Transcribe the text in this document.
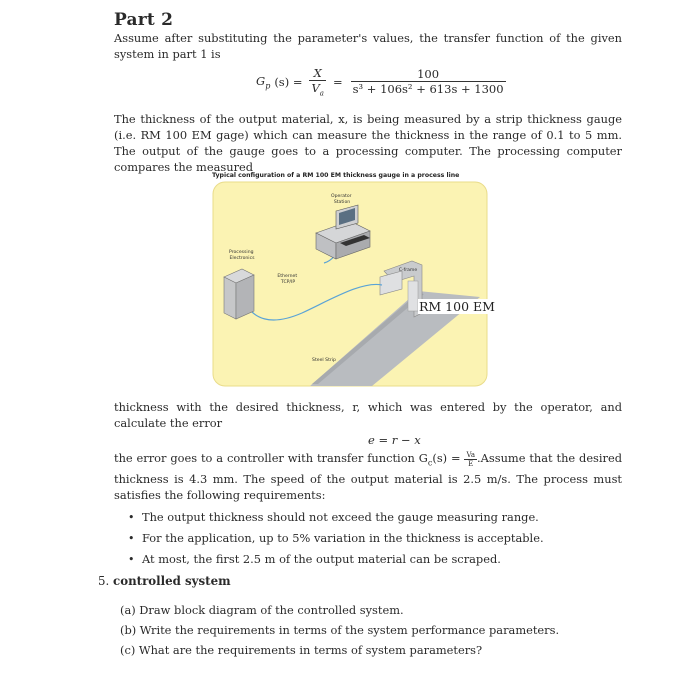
Part 2
Assume after substituting the parameter's values, the transfer function of the given system in part 1 is
$G_p$ $(s) = \frac{X}{V_a} = \frac{100}{\text{s³ + 106s² + 613s + 1300}}$
The thickness of the output material, x, is being measured by a strip thickness gauge (i.e. RM 100 EM gage) which can measure the thickness in the range of 0.1 to 5 mm. The output of the gauge goes to a processing computer. The processing computer compares the measured
Typical configuration of a RM 100 EM thickness gauge in a process line
Operator Station
Processing Electronics
Ethernet TCP/IP
C-frame
Steel Strip
RM 100 EM
thickness with the desired thickness, r, which was entered by the operator, and calculate the error
e = r − x
the error goes to a controller with transfer function $G_c(s) = \frac{Va}{E}$ .Assume that the desired thickness is 4.3 mm. The speed of the output material is 2.5 m/s. The process must satisfies the following requirements:
• The output thickness should not exceed the gauge measuring range.
• For the application, up to 5% variation in the thickness is acceptable.
• At most, the first 2.5 m of the output material can be scraped.
5. controlled system
(a) Draw block diagram of the controlled system.
(b) Write the requirements in terms of the system performance parameters.
(c) What are the requirements in terms of system parameters?
